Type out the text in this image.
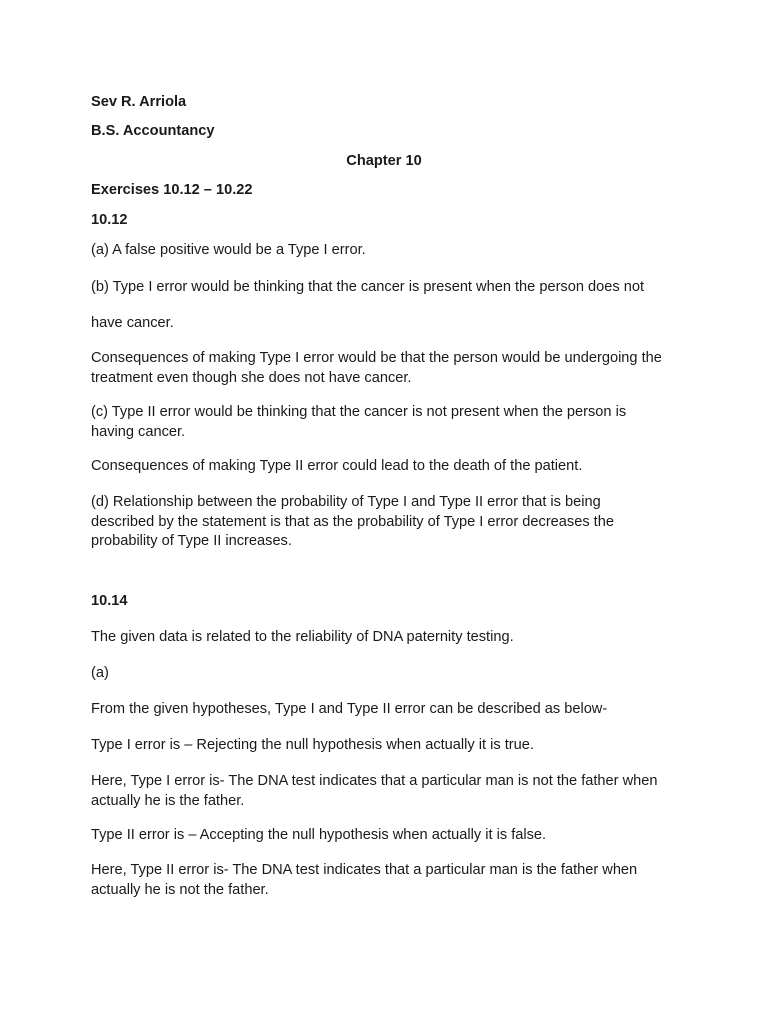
Sev R. Arriola

B.S. Accountancy

Chapter 10

Exercises 10.12 – 10.22

10.12

(a) A false positive would be a Type I error.

(b) Type I error would be thinking that the cancer is present when the person does not

have cancer.

Consequences of making Type I error would be that the person would be undergoing the treatment even though she does not have cancer.

(c) Type II error would be thinking that the cancer is not present when the person is having cancer.

Consequences of making Type II error could lead to the death of the patient.

(d) Relationship between the probability of Type I and Type II error that is being described by the statement is that as the probability of Type I error decreases the probability of Type II increases.

10.14

The given data is related to the reliability of DNA paternity testing.

(a)

From the given hypotheses, Type I and Type II error can be described as below-

Type I error is – Rejecting the null hypothesis when actually it is true.

Here, Type I error is- The DNA test indicates that a particular man is not the father when actually he is the father.

Type II error is – Accepting the null hypothesis when actually it is false.

Here, Type II error is- The DNA test indicates that a particular man is the father when actually he is not the father.
